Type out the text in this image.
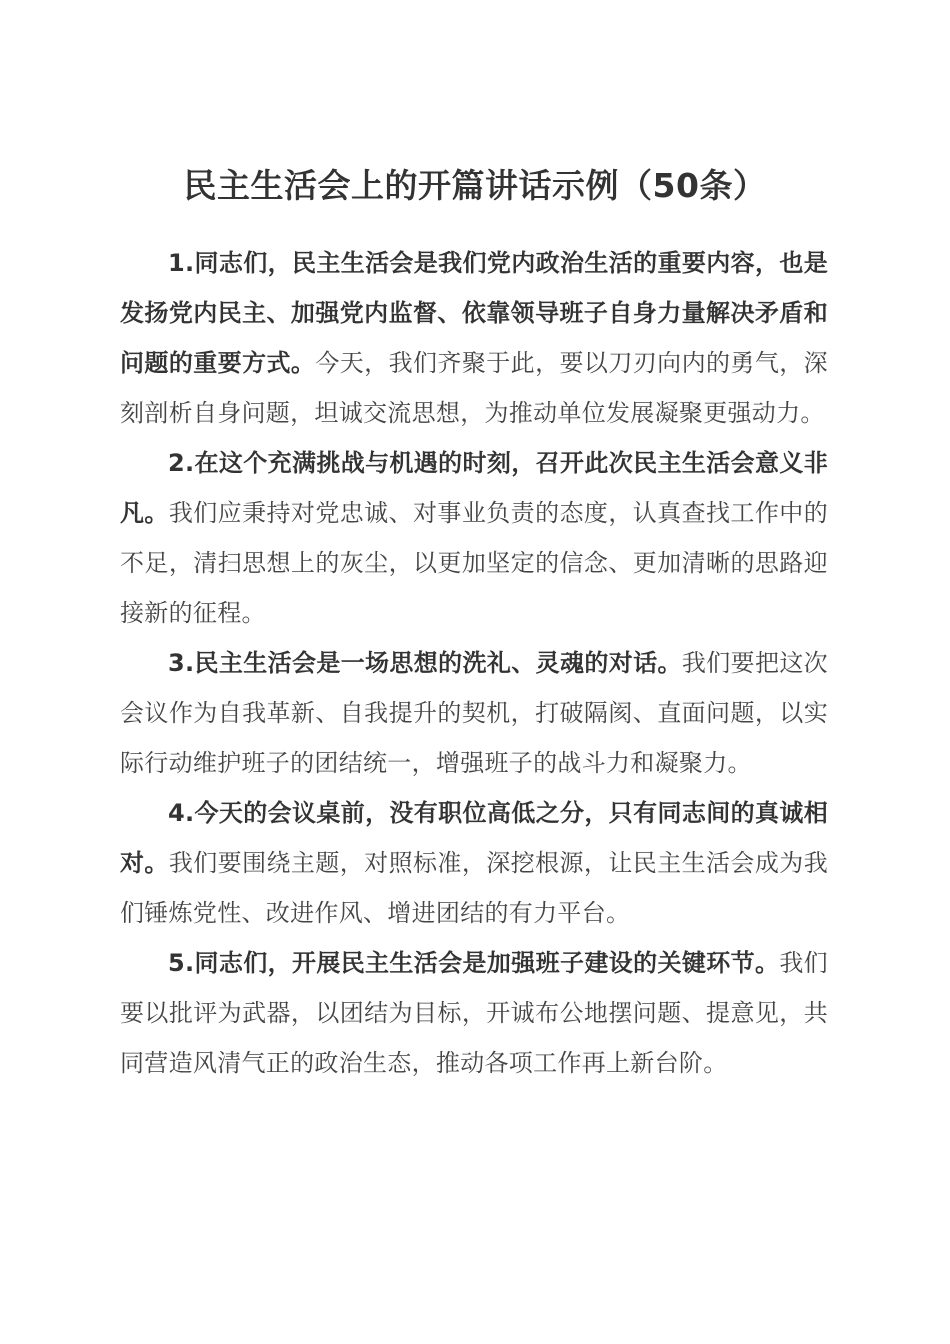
民主生活会上的开篇讲话示例（50条）

1.同志们，民主生活会是我们党内政治生活的重要内容，也是发扬党内民主、加强党内监督、依靠领导班子自身力量解决矛盾和问题的重要方式。今天，我们齐聚于此，要以刀刃向内的勇气，深刻剖析自身问题，坦诚交流思想，为推动单位发展凝聚更强动力。

2.在这个充满挑战与机遇的时刻，召开此次民主生活会意义非凡。我们应秉持对党忠诚、对事业负责的态度，认真查找工作中的不足，清扫思想上的灰尘，以更加坚定的信念、更加清晰的思路迎接新的征程。

3.民主生活会是一场思想的洗礼、灵魂的对话。我们要把这次会议作为自我革新、自我提升的契机，打破隔阂、直面问题，以实际行动维护班子的团结统一，增强班子的战斗力和凝聚力。

4.今天的会议桌前，没有职位高低之分，只有同志间的真诚相对。我们要围绕主题，对照标准，深挖根源，让民主生活会成为我们锤炼党性、改进作风、增进团结的有力平台。

5.同志们，开展民主生活会是加强班子建设的关键环节。我们要以批评为武器，以团结为目标，开诚布公地摆问题、提意见，共同营造风清气正的政治生态，推动各项工作再上新台阶。
